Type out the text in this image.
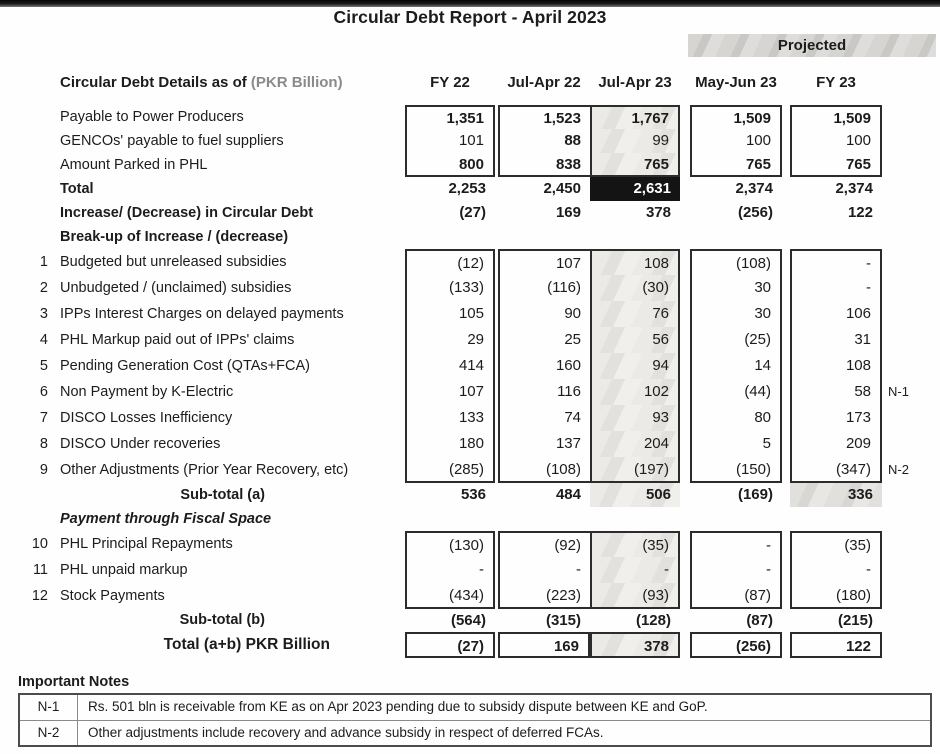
Circular Debt Report - April 2023
Projected
Circular Debt Details as of (PKR Billion)	FY 22	Jul-Apr 22	Jul-Apr 23	May-Jun 23	FY 23
Payable to Power Producers	1,351	1,523	1,767	1,509	1,509
GENCOs' payable to fuel suppliers	101	88	99	100	100
Amount Parked in PHL	800	838	765	765	765
Total	2,253	2,450	2,631	2,374	2,374
Increase/ (Decrease) in Circular Debt	(27)	169	378	(256)	122
Break-up of Increase / (decrease)
1 Budgeted but unreleased subsidies	(12)	107	108	(108)	-
2 Unbudgeted / (unclaimed) subsidies	(133)	(116)	(30)	30	-
3 IPPs Interest Charges on delayed payments	105	90	76	30	106
4 PHL Markup paid out of IPPs' claims	29	25	56	(25)	31
5 Pending Generation Cost (QTAs+FCA)	414	160	94	14	108
6 Non Payment by K-Electric	107	116	102	(44)	58	N-1
7 DISCO Losses Inefficiency	133	74	93	80	173
8 DISCO Under recoveries	180	137	204	5	209
9 Other Adjustments (Prior Year Recovery, etc)	(285)	(108)	(197)	(150)	(347)	N-2
Sub-total (a)	536	484	506	(169)	336
Payment through Fiscal Space
10 PHL Principal Repayments	(130)	(92)	(35)	-	(35)
11 PHL unpaid markup	-	-	-	-	-
12 Stock Payments	(434)	(223)	(93)	(87)	(180)
Sub-total (b)	(564)	(315)	(128)	(87)	(215)
Total (a+b) PKR Billion	(27)	169	378	(256)	122
Important Notes
N-1	Rs. 501 bln is receivable from KE as on Apr 2023 pending due to subsidy dispute between KE and GoP.
N-2	Other adjustments include recovery and advance subsidy in respect of deferred FCAs.
